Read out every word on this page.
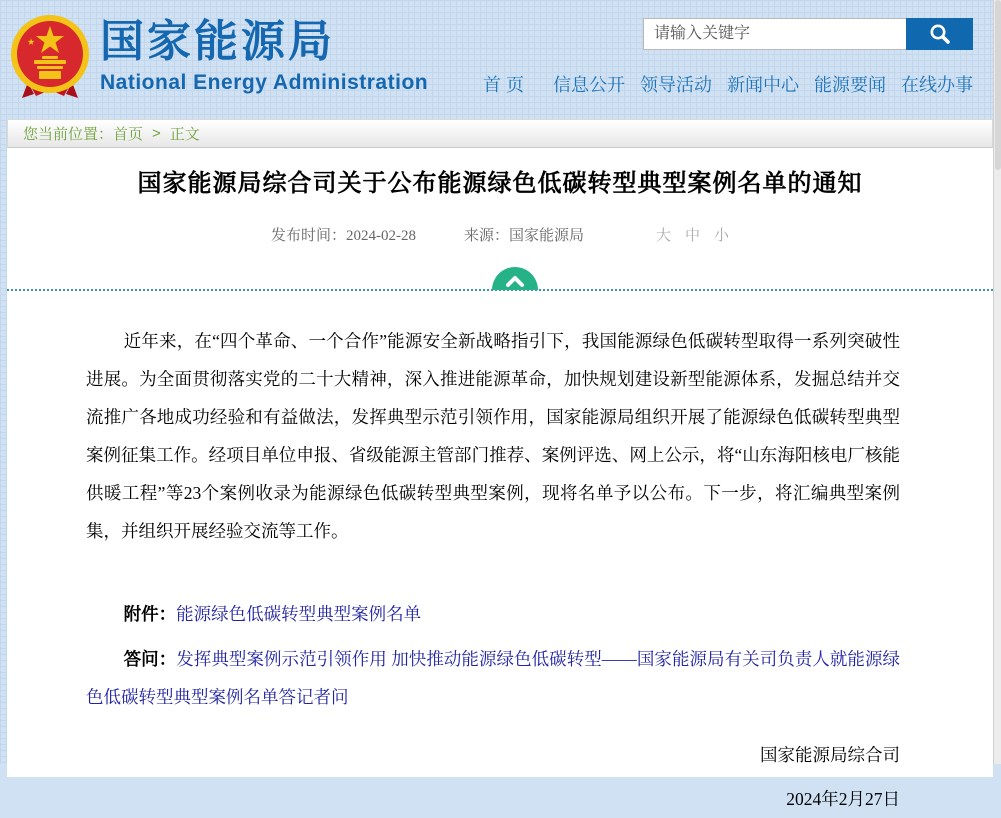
国家能源局
National Energy Administration
请输入关键字	首 页 信息公开 领导活动 新闻中心 能源要闻 在线办事
您当前位置： 首页 > 正文
国家能源局综合司关于公布能源绿色低碳转型典型案例名单的通知
发布时间：2024-02-28	来源：国家能源局	大 中 小

近年来，在“四个革命、一个合作”能源安全新战略指引下，我国能源绿色低碳转型取得一系列突破性进展。为全面贯彻落实党的二十大精神，深入推进能源革命，加快规划建设新型能源体系，发掘总结并交流推广各地成功经验和有益做法，发挥典型示范引领作用，国家能源局组织开展了能源绿色低碳转型典型案例征集工作。经项目单位申报、省级能源主管部门推荐、案例评选、网上公示，将“山东海阳核电厂核能供暖工程”等23个案例收录为能源绿色低碳转型典型案例，现将名单予以公布。下一步，将汇编典型案例集，并组织开展经验交流等工作。

附件：能源绿色低碳转型典型案例名单

答问：发挥典型案例示范引领作用 加快推动能源绿色低碳转型——国家能源局有关司负责人就能源绿色低碳转型典型案例名单答记者问

国家能源局综合司

2024年2月27日
